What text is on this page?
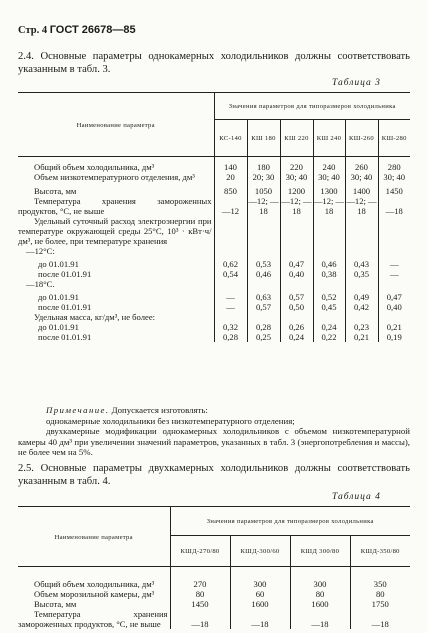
Стр. 4 ГОСТ 26678—85
2.4. Основные параметры однокамерных холодильников должны соответствовать указанным в табл. 3.
Таблица 3
Наименование параметра	Значения параметров для типоразмеров холодильника					
	КС-140	КШ 180	КШ 220	КШ 240	КШ-260	КШ-280
Общий объем холодильника, дм³	140	180	220	240	260	280
Объем низкотемпературного отделения, дм³	20	20; 30	30; 40	30; 40	30; 40	30; 40
Высота, мм	850	1050	1200	1300	1400	1450
Температура хранения замороженных продуктов, °С, не выше	—12	—12; —18	—12; —18	—12; —18	—12; —18	—18
Удельный суточный расход электроэнергии при температуре окружающей среды 25°С, 10³ · кВт·ч/дм³, не более, при температуре хранения						
—12°С:						
до 01.01.91	0,62	0,53	0,47	0,46	0,43	—
после 01.01.91	0,54	0,46	0,40	0,38	0,35	—
—18°С.						
до 01.01.91	—	0,63	0,57	0,52	0,49	0,47
после 01.01.91	—	0,57	0,50	0,45	0,42	0,40
Удельная масса, кг/дм³, не более:						
до 01.01.91	0,32	0,28	0,26	0,24	0,23	0,21
после 01.01.91	0,28	0,25	0,24	0,22	0,21	0,19
Примечание. Допускается изготовлять:
однокамерные холодильники без низкотемпературного отделения;
двухкамерные модификации однокамерных холодильников с объемом низкотемпературной камеры 40 дм³ при увеличении значений параметров, указанных в табл. 3 (энергопотребления и массы), не более чем на 5%.
2.5. Основные параметры двухкамерных холодильников должны соответствовать указанным в табл. 4.
Таблица 4
Наименование параметра	Значения параметров для типоразмеров холодильника			
	КШД-270/80	КШД-300/60	КШД 300/80	КШД-350/80
Общий объем холодильника, дм³	270	300	300	350
Объем морозильной камеры, дм³	80	60	80	80
Высота, мм	1450	1600	1600	1750
Температура хранения замороженных продуктов, °С, не выше	—18	—18	—18	—18
